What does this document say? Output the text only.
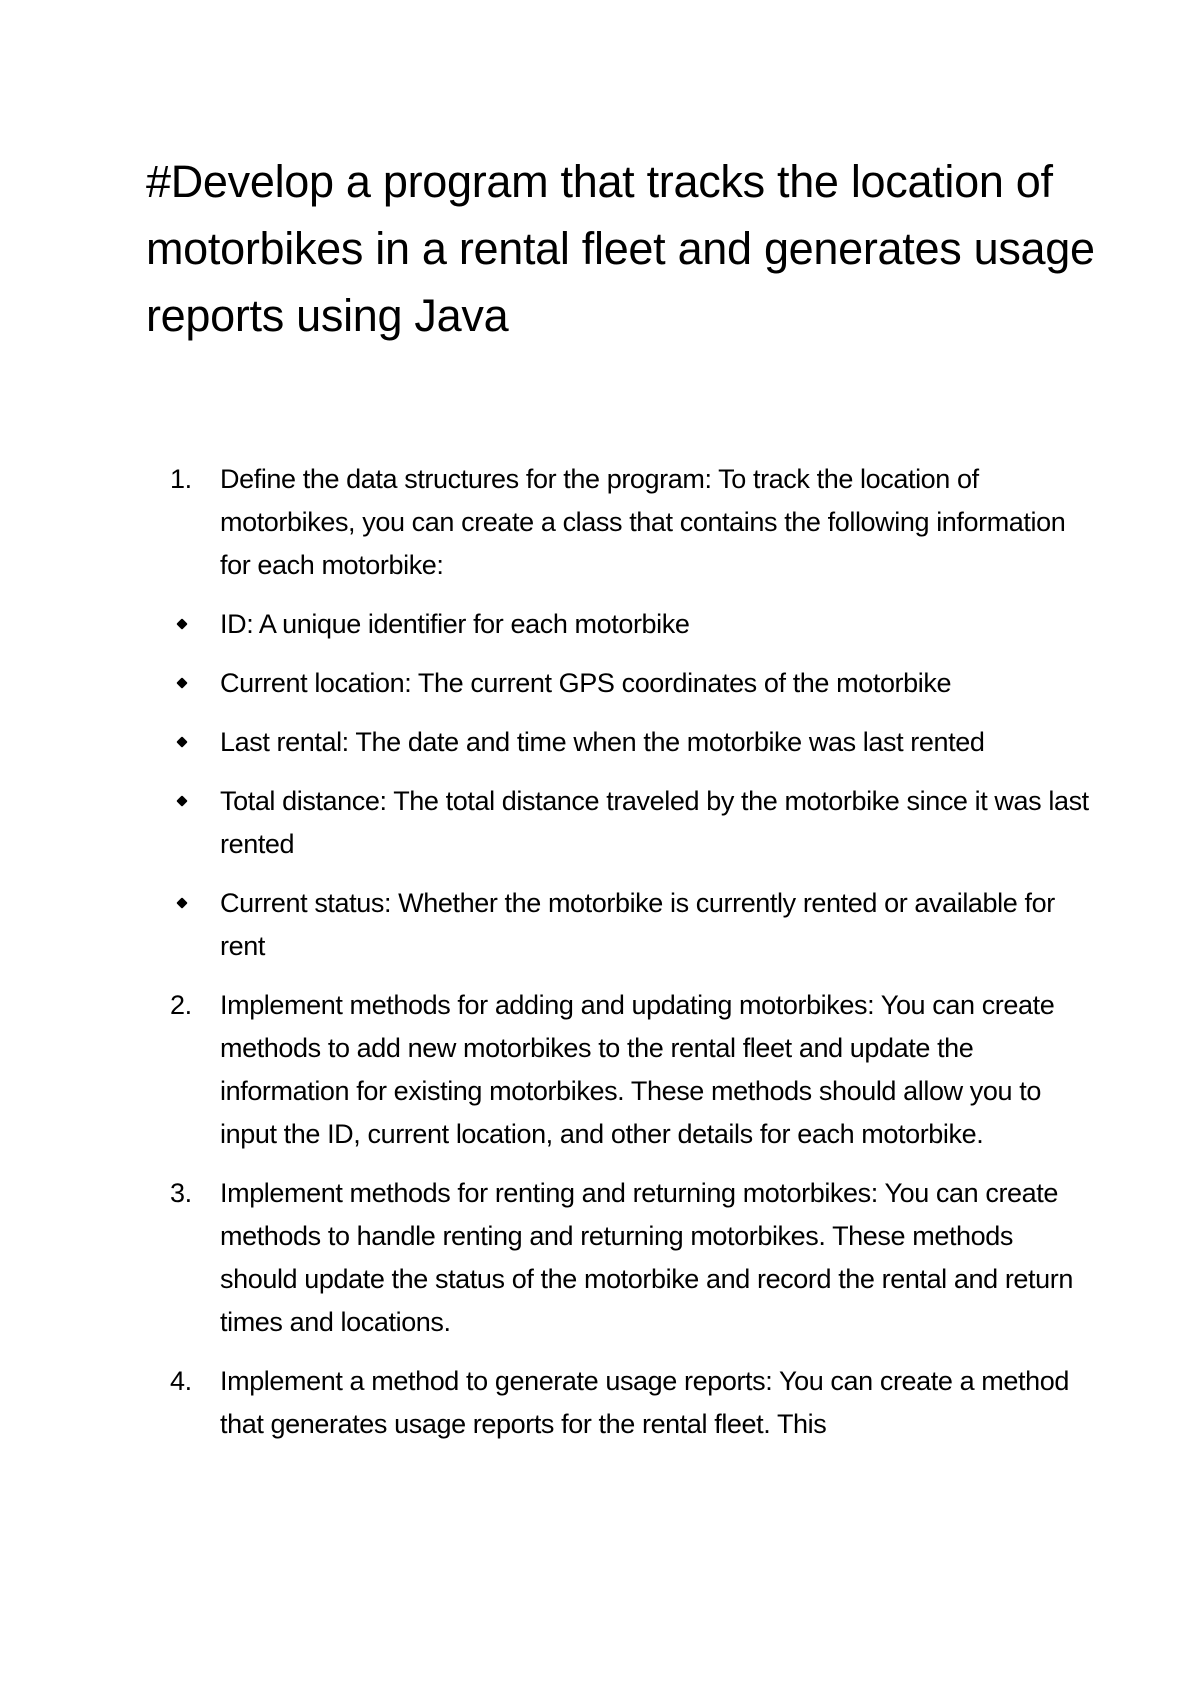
#Develop a program that tracks the location of motorbikes in a rental fleet and generates usage reports using Java
1.	Define the data structures for the program: To track the location of motorbikes, you can create a class that contains the following information for each motorbike:
ID: A unique identifier for each motorbike
Current location: The current GPS coordinates of the motorbike
Last rental: The date and time when the motorbike was last rented
Total distance: The total distance traveled by the motorbike since it was last rented
Current status: Whether the motorbike is currently rented or available for rent
2.	Implement methods for adding and updating motorbikes: You can create methods to add new motorbikes to the rental fleet and update the information for existing motorbikes. These methods should allow you to input the ID, current location, and other details for each motorbike.
3.	Implement methods for renting and returning motorbikes: You can create methods to handle renting and returning motorbikes. These methods should update the status of the motorbike and record the rental and return times and locations.
4.	Implement a method to generate usage reports: You can create a method that generates usage reports for the rental fleet. This
